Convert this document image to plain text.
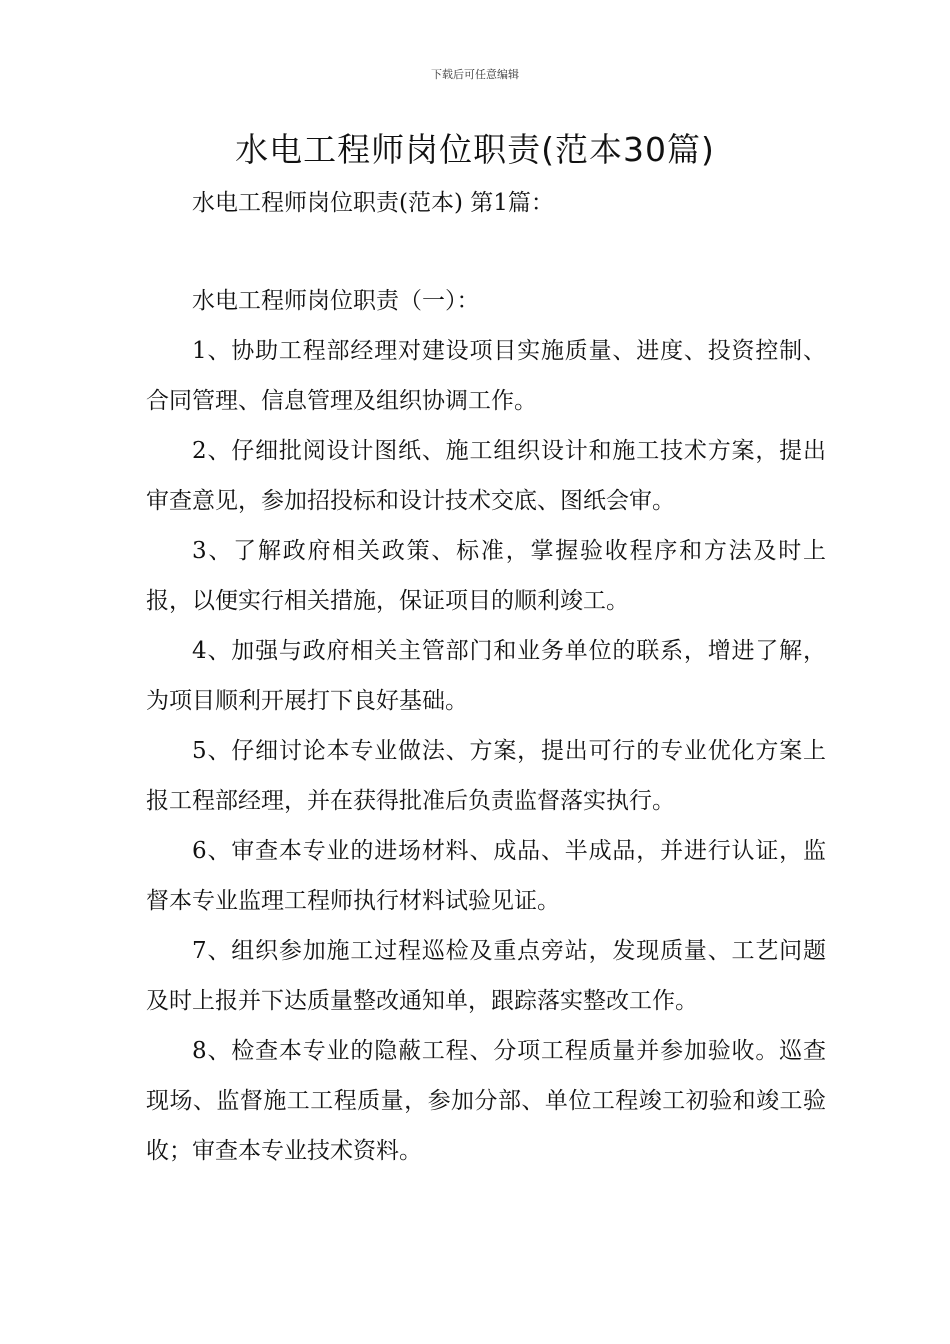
下载后可任意编辑
水电工程师岗位职责(范本30篇)

水电工程师岗位职责(范本) 第1篇：

水电工程师岗位职责（一）：

1、协助工程部经理对建设项目实施质量、进度、投资控制、合同管理、信息管理及组织协调工作。

2、仔细批阅设计图纸、施工组织设计和施工技术方案，提出审查意见，参加招投标和设计技术交底、图纸会审。

3、了解政府相关政策、标准，掌握验收程序和方法及时上报，以便实行相关措施，保证项目的顺利竣工。

4、加强与政府相关主管部门和业务单位的联系，增进了解，为项目顺利开展打下良好基础。

5、仔细讨论本专业做法、方案，提出可行的专业优化方案上报工程部经理，并在获得批准后负责监督落实执行。

6、审查本专业的进场材料、成品、半成品，并进行认证，监督本专业监理工程师执行材料试验见证。

7、组织参加施工过程巡检及重点旁站，发现质量、工艺问题及时上报并下达质量整改通知单，跟踪落实整改工作。

8、检查本专业的隐蔽工程、分项工程质量并参加验收。巡查现场、监督施工工程质量，参加分部、单位工程竣工初验和竣工验收；审查本专业技术资料。
